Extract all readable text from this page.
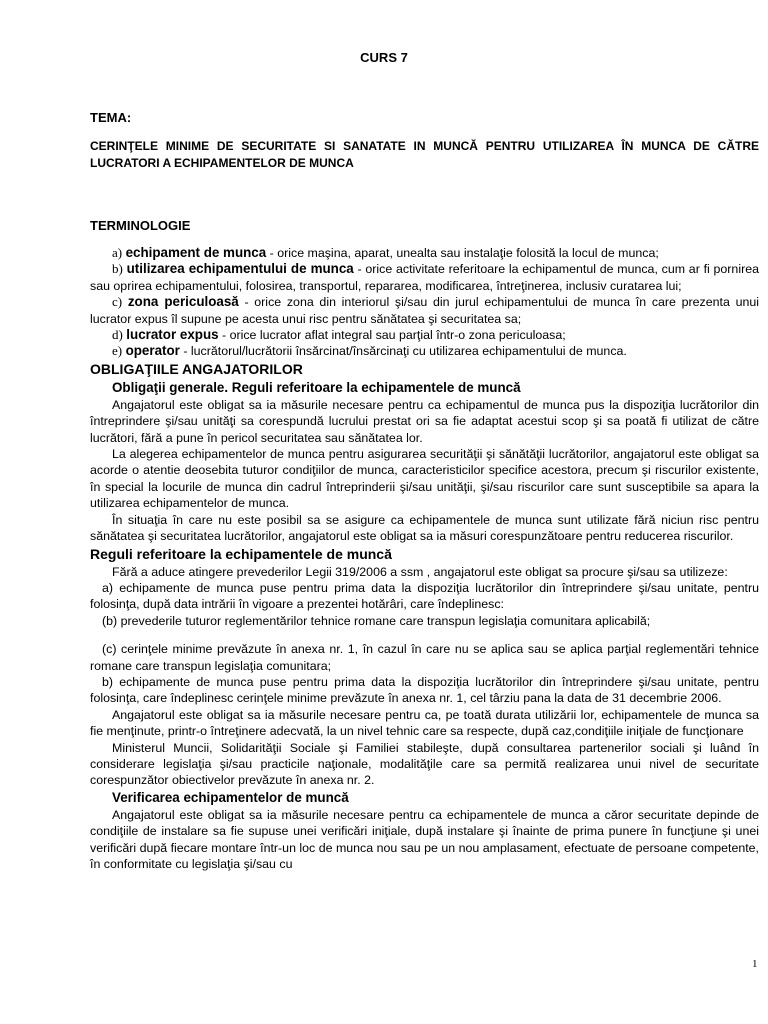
CURS 7
TEMA:
CERINŢELE MINIME DE SECURITATE SI SANATATE IN MUNCĂ PENTRU UTILIZAREA ÎN MUNCA DE CĂTRE LUCRATORI A ECHIPAMENTELOR DE MUNCA
TERMINOLOGIE

a) echipament de munca - orice maşina, aparat, unealta sau instalaţie folosită la locul de munca;

b) utilizarea echipamentului de munca - orice activitate referitoare la echipamentul de munca, cum ar fi pornirea sau oprirea echipamentului, folosirea, transportul, repararea, modificarea, întreţinerea, inclusiv curatarea lui;

c) zona periculoasă - orice zona din interiorul şi/sau din jurul echipamentului de munca în care prezenta unui lucrator expus îl supune pe acesta unui risc pentru sănătatea şi securitatea sa;

d) lucrator expus - orice lucrator aflat integral sau parţial într-o zona periculoasa;

e) operator - lucrătorul/lucrătorii însărcinat/însărcinaţi cu utilizarea echipamentului de munca.

OBLIGAŢIILE ANGAJATORILOR
Obligaţii generale. Reguli referitoare la echipamentele de muncă

Angajatorul este obligat sa ia măsurile necesare pentru ca echipamentul de munca pus la dispoziţia lucrătorilor din întreprindere şi/sau unităţi sa corespundă lucrului prestat ori sa fie adaptat acestui scop şi sa poată fi utilizat de către lucrători, fără a pune în pericol securitatea sau sănătatea lor.

La alegerea echipamentelor de munca pentru asigurarea securităţii şi sănătăţii lucrătorilor, angajatorul este obligat sa acorde o atentie deosebita tuturor condiţiilor de munca, caracteristicilor specifice acestora, precum şi riscurilor existente, în special la locurile de munca din cadrul întreprinderii şi/sau unităţii, şi/sau riscurilor care sunt susceptibile sa apara la utilizarea echipamentelor de munca.

În situaţia în care nu este posibil sa se asigure ca echipamentele de munca sunt utilizate fără niciun risc pentru sănătatea şi securitatea lucrătorilor, angajatorul este obligat sa ia măsuri corespunzătoare pentru reducerea riscurilor.

Reguli referitoare la echipamentele de muncă

Fără a aduce atingere prevederilor Legii 319/2006 a ssm , angajatorul este obligat sa procure şi/sau sa utilizeze:

a) echipamente de munca puse pentru prima data la dispoziţia lucrătorilor din întreprindere şi/sau unitate, pentru folosinţa, după data intrării în vigoare a prezentei hotărâri, care îndeplinesc:

(b) prevederile tuturor reglementărilor tehnice romane care transpun legislaţia comunitara aplicabilă;

(c) cerinţele minime prevăzute în anexa nr. 1, în cazul în care nu se aplica sau se aplica parţial reglementări tehnice romane care transpun legislaţia comunitara;

b) echipamente de munca puse pentru prima data la dispoziţia lucrătorilor din întreprindere şi/sau unitate, pentru folosinţa, care îndeplinesc cerinţele minime prevăzute în anexa nr. 1, cel târziu pana la data de 31 decembrie 2006.

Angajatorul este obligat sa ia măsurile necesare pentru ca, pe toată durata utilizării lor, echipamentele de munca sa fie menţinute, printr-o întreţinere adecvată, la un nivel tehnic care sa respecte, după caz,condiţiile iniţiale de funcţionare

Ministerul Muncii, Solidarităţii Sociale şi Familiei stabileşte, după consultarea partenerilor sociali şi luând în considerare legislaţia şi/sau practicile naţionale, modalităţile care sa permită realizarea unui nivel de securitate corespunzător obiectivelor prevăzute în anexa nr. 2.

Verificarea echipamentelor de muncă

Angajatorul este obligat sa ia măsurile necesare pentru ca echipamentele de munca a căror securitate depinde de condiţiile de instalare sa fie supuse unei verificări iniţiale, după instalare şi înainte de prima punere în funcţiune şi unei verificări după fiecare montare într-un loc de munca nou sau pe un nou amplasament, efectuate de persoane competente, în conformitate cu legislaţia şi/sau cu

1
